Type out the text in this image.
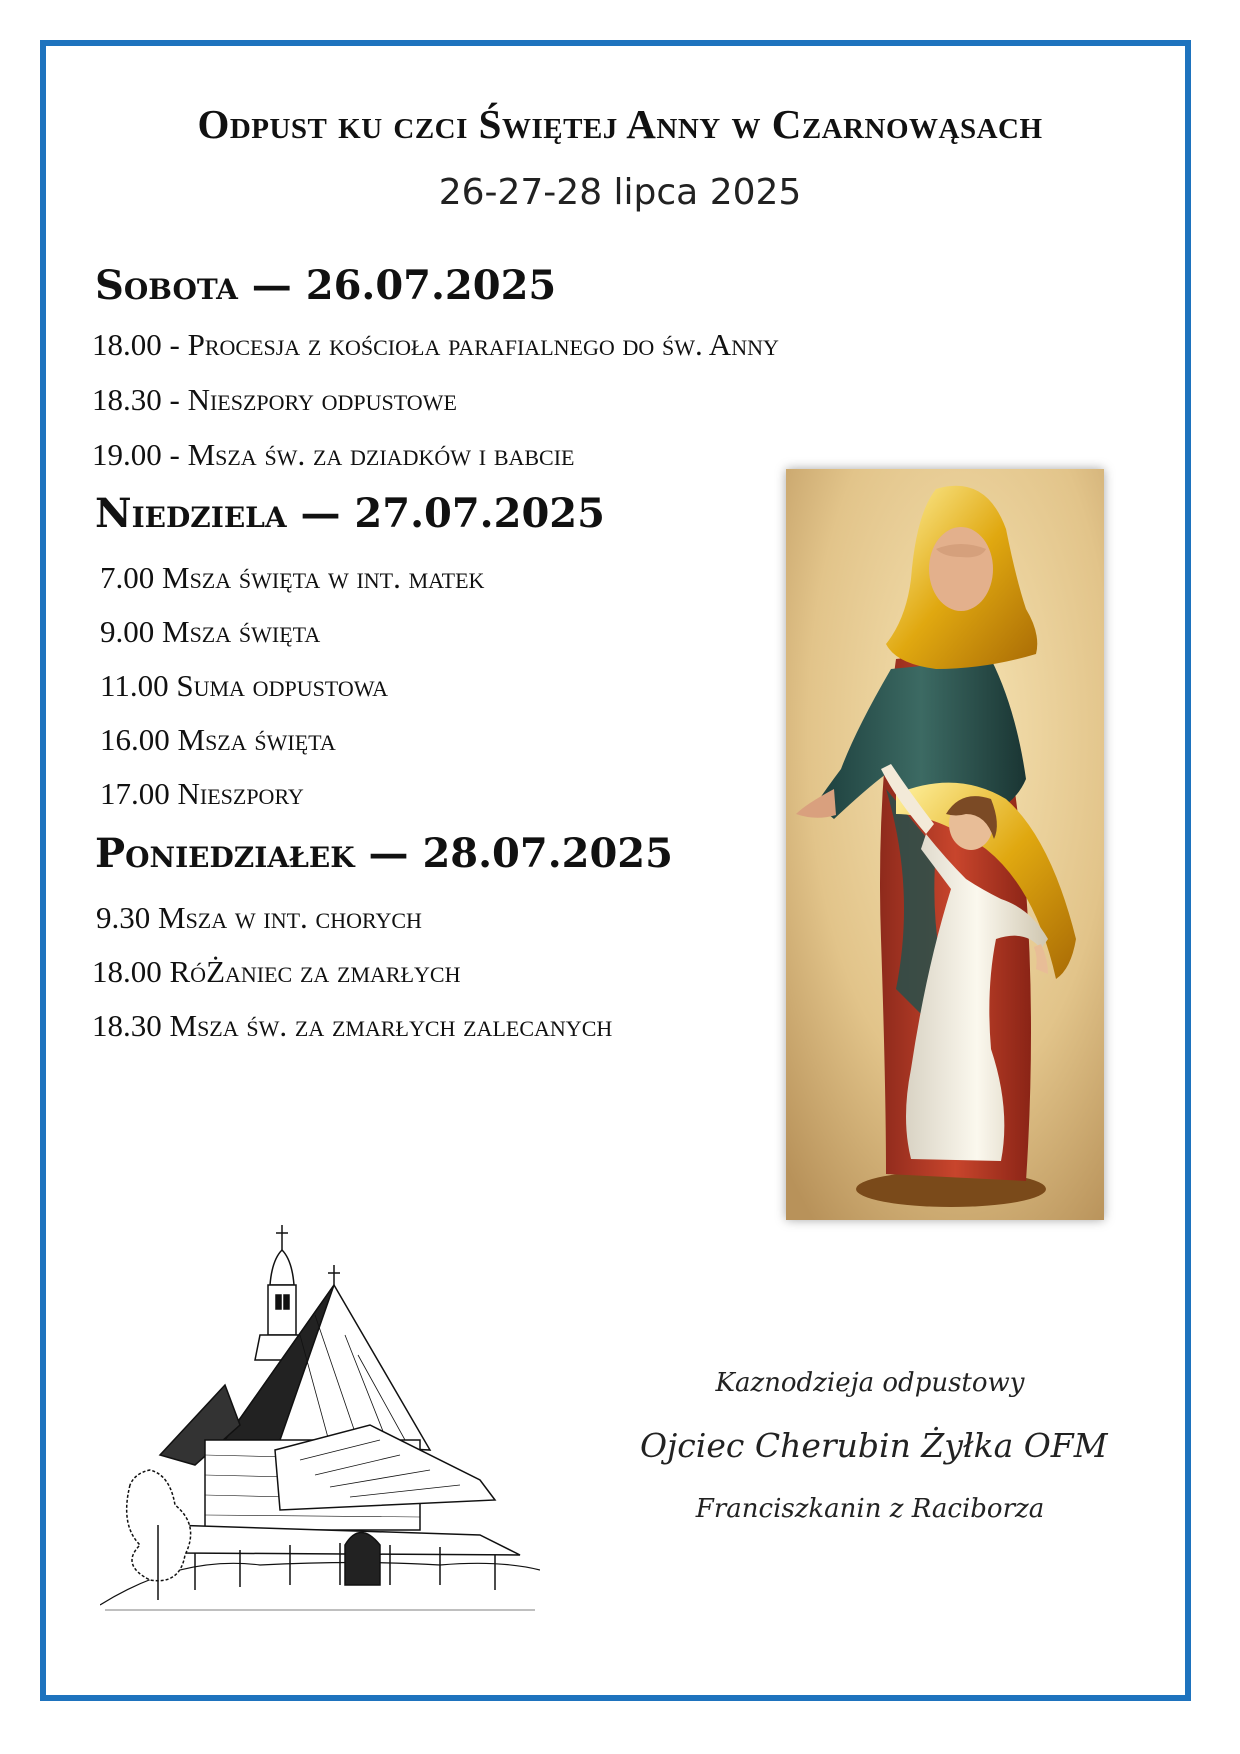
Odpust ku czci Świętej Anny w Czarnowąsach
26-27-28 lipca 2025
Sobota — 26.07.2025
18.00 - Procesja z kościoła parafialnego do św. Anny
18.30 - Nieszpory odpustowe
19.00 - Msza św. za dziadków i babcie
Niedziela — 27.07.2025
7.00 Msza święta w int. matek
9.00 Msza święta
11.00 Suma odpustowa
16.00 Msza święta
17.00 Nieszpory
Poniedziałek — 28.07.2025
9.30 Msza w int. chorych
18.00 RóŻaniec za zmarłych
18.30 Msza św. za zmarłych zalecanych
Kaznodzieja odpustowy
Ojciec Cherubin Żyłka OFM
Franciszkanin z Raciborza
